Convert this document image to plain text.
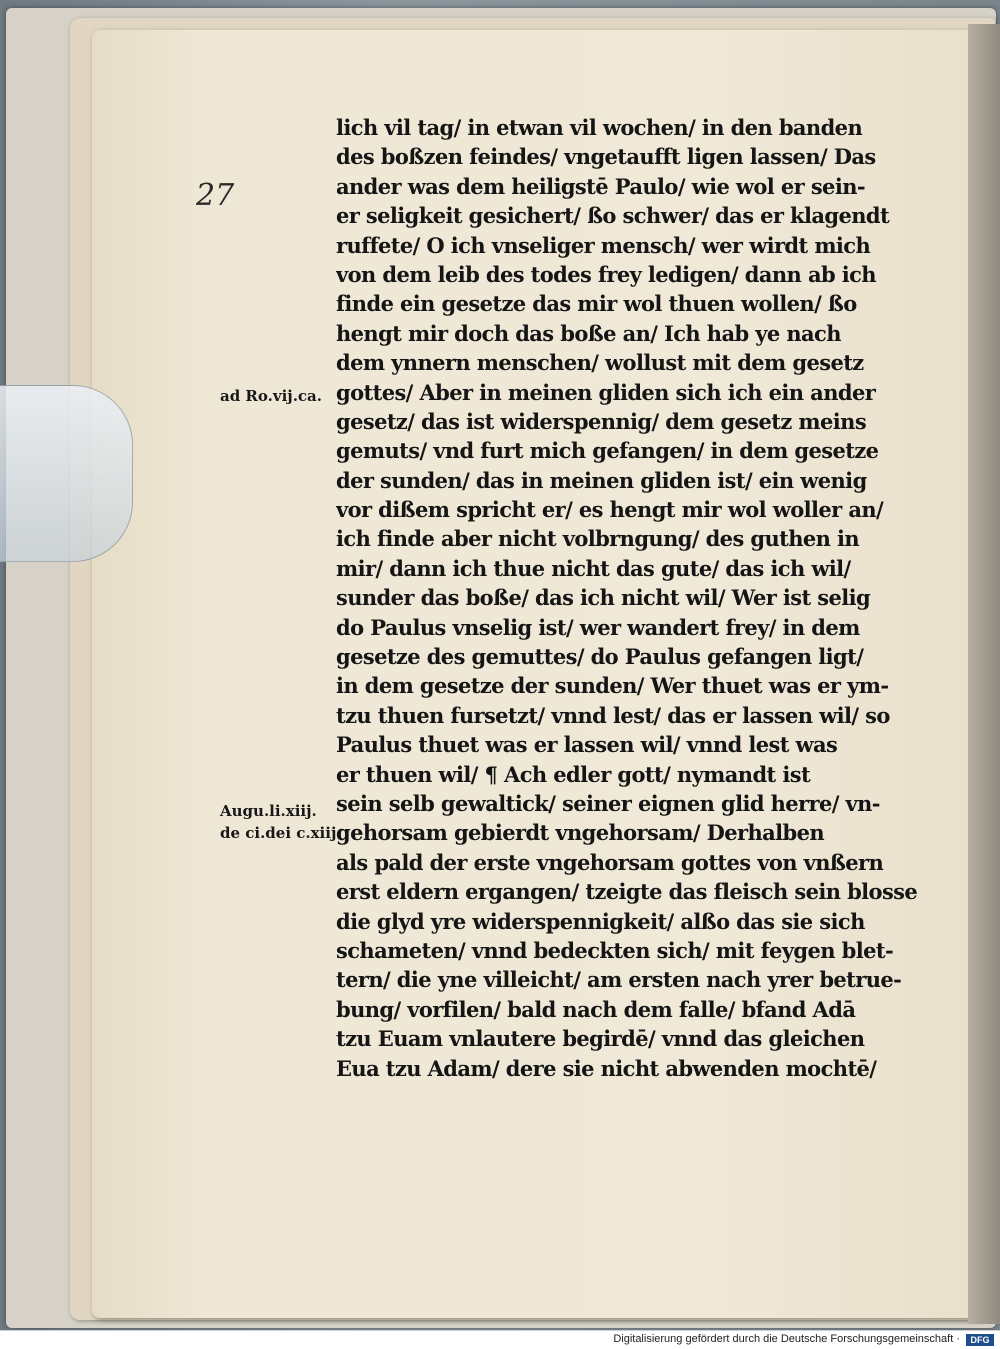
27
ad Ro.vij.ca.
Augu.li.xiij.
de ci.dei c.xiij
lich vil tag/ in etwan vil wochen/ in den banden
des boßzen feindes/ vngetaufft ligen lassen/ Das
ander was dem heiligstē Paulo/ wie wol er sein-
er seligkeit gesichert/ ßo schwer/ das er klagendt
ruffete/ O ich vnseliger mensch/ wer wirdt mich
von dem leib des todes frey ledigen/ dann ab ich
finde ein gesetze das mir wol thuen wollen/ ßo
hengt mir doch das boße an/ Ich hab ye nach
dem ynnern menschen/ wollust mit dem gesetz
gottes/ Aber in meinen gliden sich ich ein ander
gesetz/ das ist widerspennig/ dem gesetz meins
gemuts/ vnd furt mich gefangen/ in dem gesetze
der sunden/ das in meinen gliden ist/ ein wenig
vor dißem spricht er/ es hengt mir wol woller an/
ich finde aber nicht volbrngung/ des guthen in
mir/ dann ich thue nicht das gute/ das ich wil/
sunder das boße/ das ich nicht wil/ Wer ist selig
do Paulus vnselig ist/ wer wandert frey/ in dem
gesetze des gemuttes/ do Paulus gefangen ligt/
in dem gesetze der sunden/ Wer thuet was er ym-
tzu thuen fursetzt/ vnnd lest/ das er lassen wil/ so
Paulus thuet was er lassen wil/ vnnd lest was
er thuen wil/ ¶ Ach edler gott/ nymandt ist
sein selb gewaltick/ seiner eignen glid herre/ vn-
gehorsam gebierdt vngehorsam/ Derhalben
als pald der erste vngehorsam gottes von vnßern
erst eldern ergangen/ tzeigte das fleisch sein blosse
die glyd yre widerspennigkeit/ alßo das sie sich
schameten/ vnnd bedeckten sich/ mit feygen blet-
tern/ die yne villeicht/ am ersten nach yrer betrue-
bung/ vorfilen/ bald nach dem falle/ bfand Adā
tzu Euam vnlautere begirdē/ vnnd das gleichen
Eua tzu Adam/ dere sie nicht abwenden mochtē/
Digitalisierung gefördert durch die Deutsche Forschungsgemeinschaft ·	DFG
